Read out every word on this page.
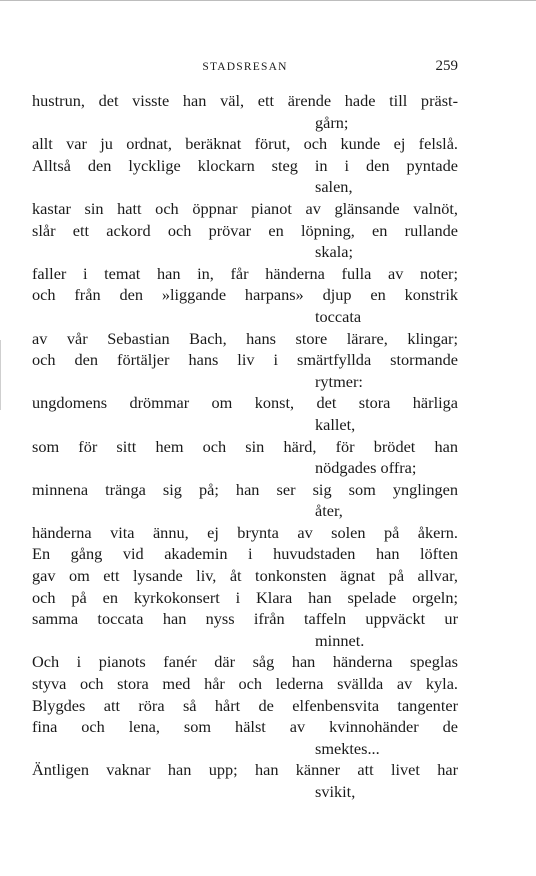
STADSRESAN	259
hustrun, det visste han väl, ett ärende hade till präst-
gårn;
allt var ju ordnat, beräknat förut, och kunde ej felslå.
Alltså den lycklige klockarn steg in i den pyntade
salen,
kastar sin hatt och öppnar pianot av glänsande valnöt,
slår ett ackord och prövar en löpning, en rullande
skala;
faller i temat han in, får händerna fulla av noter;
och från den »liggande harpans» djup en konstrik
toccata
av vår Sebastian Bach, hans store lärare, klingar;
och den förtäljer hans liv i smärtfyllda stormande
rytmer:
ungdomens drömmar om konst, det stora härliga
kallet,
som för sitt hem och sin härd, för brödet han
nödgades offra;
minnena tränga sig på; han ser sig som ynglingen
åter,
händerna vita ännu, ej brynta av solen på åkern.
En gång vid akademin i huvudstaden han löften
gav om ett lysande liv, åt tonkonsten ägnat på allvar,
och på en kyrkokonsert i Klara han spelade orgeln;
samma toccata han nyss ifrån taffeln uppväckt ur
minnet.
Och i pianots fanér där såg han händerna speglas
styva och stora med hår och lederna svällda av kyla.
Blygdes att röra så hårt de elfenbensvita tangenter
fina och lena, som hälst av kvinnohänder de
smektes...
Äntligen vaknar han upp; han känner att livet har
svikit,
